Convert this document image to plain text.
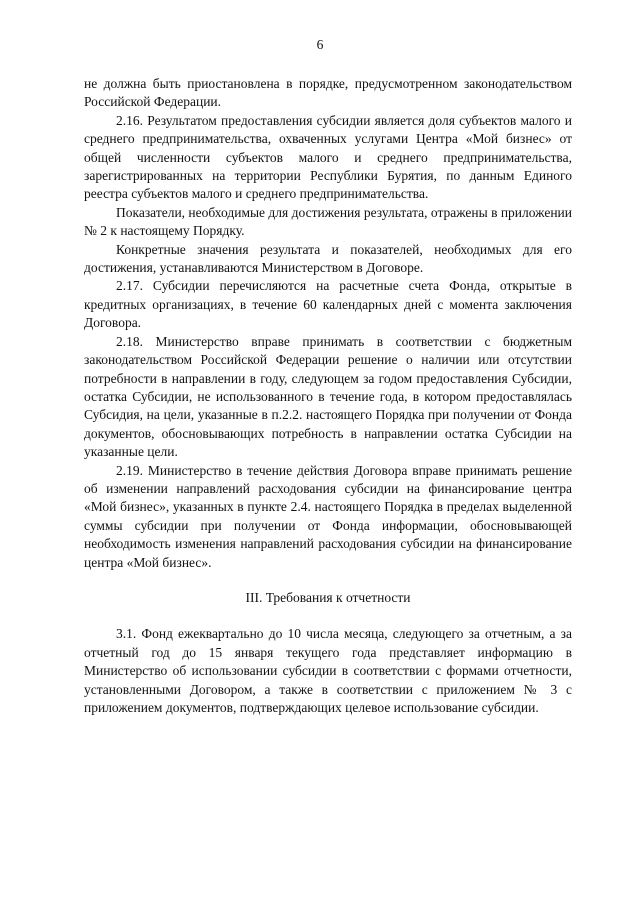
6

не должна быть приостановлена в порядке, предусмотренном законодательством Российской Федерации.

2.16. Результатом предоставления субсидии является доля субъектов малого и среднего предпринимательства, охваченных услугами Центра «Мой бизнес» от общей численности субъектов малого и среднего предпринимательства, зарегистрированных на территории Республики Бурятия, по данным Единого реестра субъектов малого и среднего предпринимательства.

Показатели, необходимые для достижения результата, отражены в приложении № 2 к настоящему Порядку.

Конкретные значения результата и показателей, необходимых для его достижения, устанавливаются Министерством в Договоре.

2.17. Субсидии перечисляются на расчетные счета Фонда, открытые в кредитных организациях, в течение 60 календарных дней с момента заключения Договора.

2.18. Министерство вправе принимать в соответствии с бюджетным законодательством Российской Федерации решение о наличии или отсутствии потребности в направлении в году, следующем за годом предоставления Субсидии, остатка Субсидии, не использованного в течение года, в котором предоставлялась Субсидия, на цели, указанные в п.2.2. настоящего Порядка при получении от Фонда документов, обосновывающих потребность в направлении остатка Субсидии на указанные цели.

2.19. Министерство в течение действия Договора вправе принимать решение об изменении направлений расходования субсидии на финансирование центра «Мой бизнес», указанных в пункте 2.4. настоящего Порядка в пределах выделенной суммы субсидии при получении от Фонда информации, обосновывающей необходимость изменения направлений расходования субсидии на финансирование центра «Мой бизнес».

III. Требования к отчетности

3.1. Фонд ежеквартально до 10 числа месяца, следующего за отчетным, а за отчетный год до 15 января текущего года представляет информацию в Министерство об использовании субсидии в соответствии с формами отчетности, установленными Договором, а также в соответствии с приложением № 3 с приложением документов, подтверждающих целевое использование субсидии.
